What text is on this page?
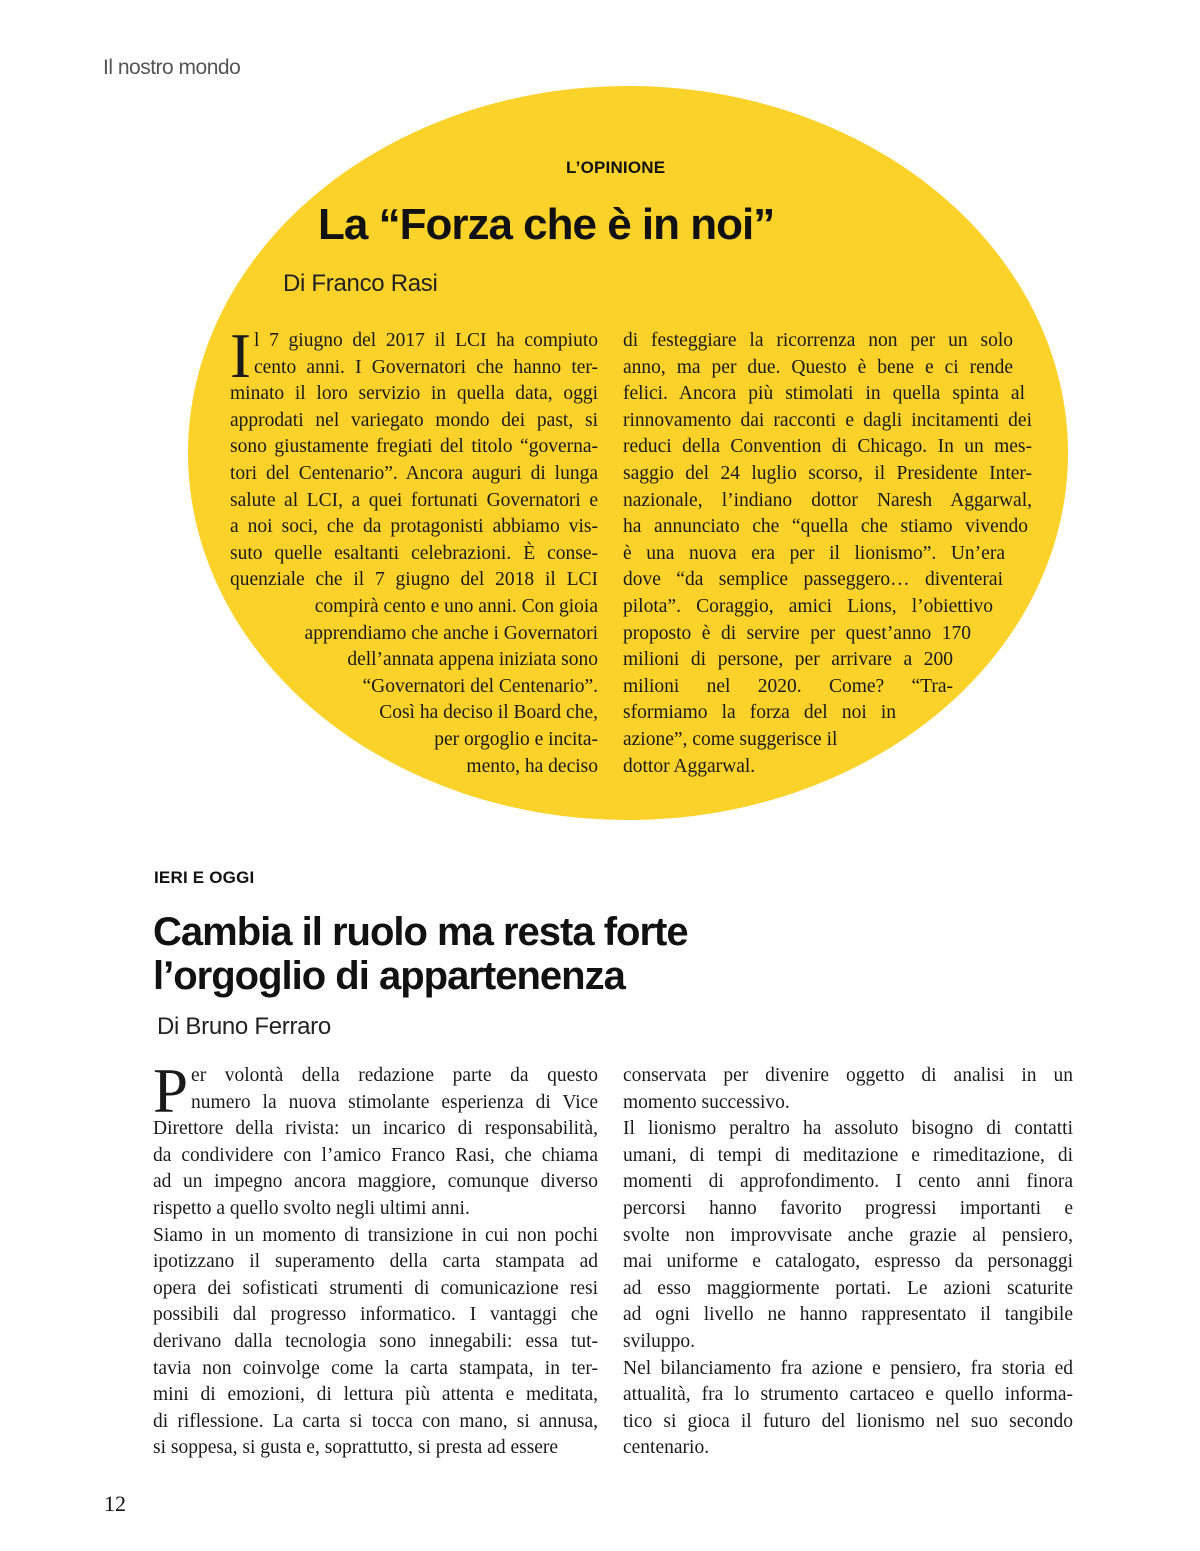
Il nostro mondo
L’OPINIONE
La “Forza che è in noi”
Di Franco Rasi
I l 7 giugno del 2017 il LCI ha compiuto
cento anni. I Governatori che hanno ter-
minato il loro servizio in quella data, oggi
approdati nel variegato mondo dei past, si
sono giustamente fregiati del titolo “governa-
tori del Centenario”. Ancora auguri di lunga
salute al LCI, a quei fortunati Governatori e
a noi soci, che da protagonisti abbiamo vis-
suto quelle esaltanti celebrazioni. È conse-
quenziale che il 7 giugno del 2018 il LCI
compirà cento e uno anni. Con gioia
apprendiamo che anche i Governatori
dell’annata appena iniziata sono
“Governatori del Centenario”.
Così ha deciso il Board che,
per orgoglio e incita-
mento, ha deciso
di festeggiare la ricorrenza non per un solo
anno, ma per due. Questo è bene e ci rende
felici. Ancora più stimolati in quella spinta al
rinnovamento dai racconti e dagli incitamenti dei
reduci della Convention di Chicago. In un mes-
saggio del 24 luglio scorso, il Presidente Inter-
nazionale, l’indiano dottor Naresh Aggarwal,
ha annunciato che “quella che stiamo vivendo
è una nuova era per il lionismo”. Un’era
dove “da semplice passeggero… diventerai
pilota”. Coraggio, amici Lions, l’obiettivo
proposto è di servire per quest’anno 170
milioni di persone, per arrivare a 200
milioni nel 2020. Come? “Tra-
sformiamo la forza del noi in
azione”, come suggerisce il
dottor Aggarwal.
IERI E OGGI
Cambia il ruolo ma resta forte
l’orgoglio di appartenenza
Di Bruno Ferraro
P er volontà della redazione parte da questo
numero la nuova stimolante esperienza di Vice
Direttore della rivista: un incarico di responsabilità,
da condividere con l’amico Franco Rasi, che chiama
ad un impegno ancora maggiore, comunque diverso
rispetto a quello svolto negli ultimi anni.
Siamo in un momento di transizione in cui non pochi
ipotizzano il superamento della carta stampata ad
opera dei sofisticati strumenti di comunicazione resi
possibili dal progresso informatico. I vantaggi che
derivano dalla tecnologia sono innegabili: essa tut-
tavia non coinvolge come la carta stampata, in ter-
mini di emozioni, di lettura più attenta e meditata,
di riflessione. La carta si tocca con mano, si annusa,
si soppesa, si gusta e, soprattutto, si presta ad essere
conservata per divenire oggetto di analisi in un
momento successivo.
Il lionismo peraltro ha assoluto bisogno di contatti
umani, di tempi di meditazione e rimeditazione, di
momenti di approfondimento. I cento anni finora
percorsi hanno favorito progressi importanti e
svolte non improvvisate anche grazie al pensiero,
mai uniforme e catalogato, espresso da personaggi
ad esso maggiormente portati. Le azioni scaturite
ad ogni livello ne hanno rappresentato il tangibile
sviluppo.
Nel bilanciamento fra azione e pensiero, fra storia ed
attualità, fra lo strumento cartaceo e quello informa-
tico si gioca il futuro del lionismo nel suo secondo
centenario.
12
